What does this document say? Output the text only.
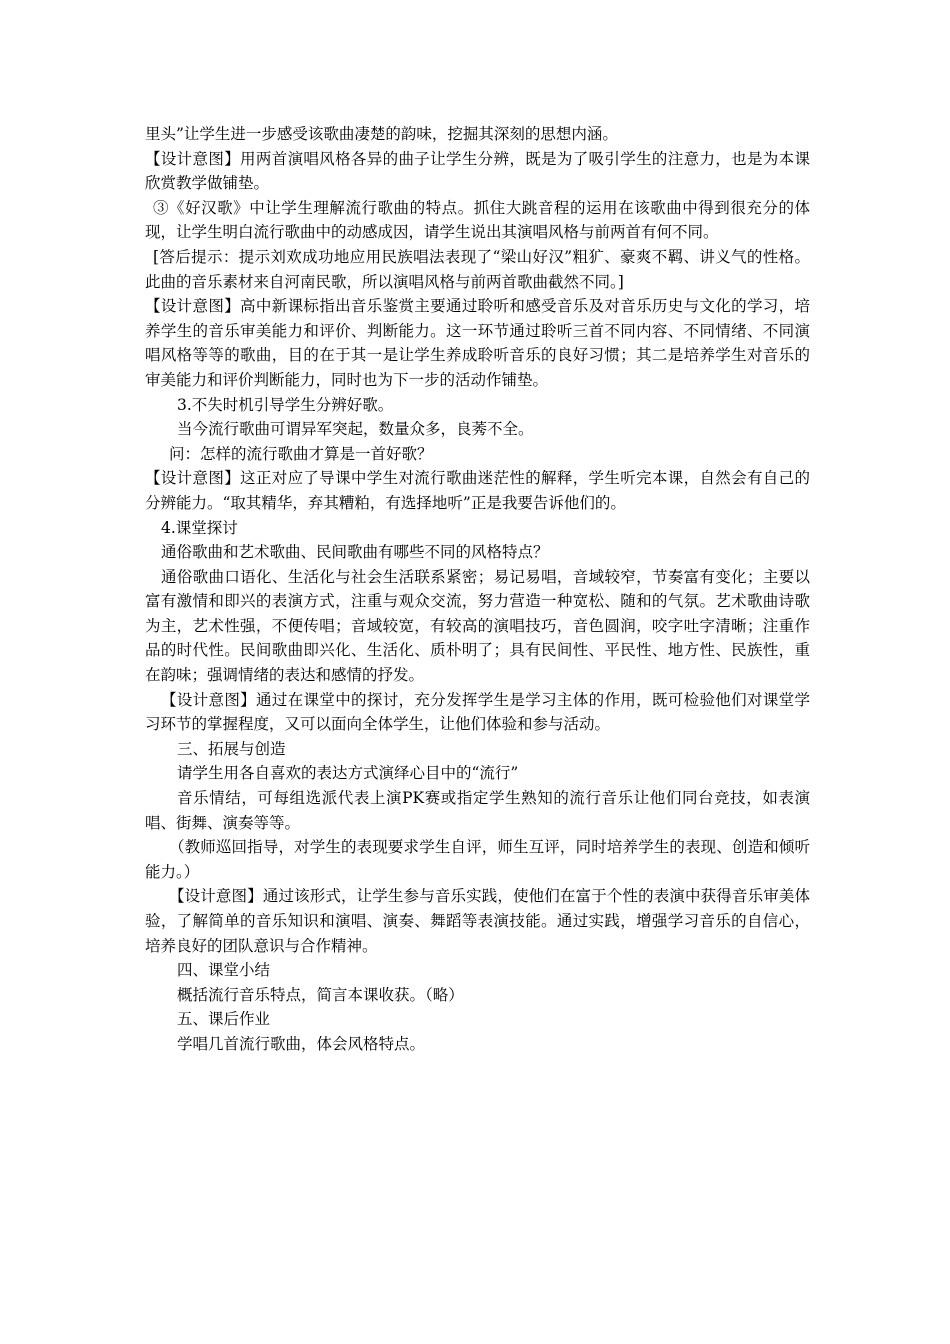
里头”让学生进一步感受该歌曲凄楚的韵味，挖掘其深刻的思想内涵。

【设计意图】用两首演唱风格各异的曲子让学生分辨，既是为了吸引学生的注意力，也是为本课欣赏教学做铺垫。

③《好汉歌》中让学生理解流行歌曲的特点。抓住大跳音程的运用在该歌曲中得到很充分的体现，让学生明白流行歌曲中的动感成因，请学生说出其演唱风格与前两首有何不同。

[答后提示：提示刘欢成功地应用民族唱法表现了“梁山好汉”粗犷、豪爽不羁、讲义气的性格。此曲的音乐素材来自河南民歌，所以演唱风格与前两首歌曲截然不同。]

【设计意图】高中新课标指出音乐鉴赏主要通过聆听和感受音乐及对音乐历史与文化的学习，培养学生的音乐审美能力和评价、判断能力。这一环节通过聆听三首不同内容、不同情绪、不同演唱风格等等的歌曲，目的在于其一是让学生养成聆听音乐的良好习惯；其二是培养学生对音乐的审美能力和评价判断能力，同时也为下一步的活动作铺垫。

3.不失时机引导学生分辨好歌。

当今流行歌曲可谓异军突起，数量众多，良莠不全。

问：怎样的流行歌曲才算是一首好歌？

【设计意图】这正对应了导课中学生对流行歌曲迷茫性的解释，学生听完本课，自然会有自己的分辨能力。“取其精华，弃其糟粕，有选择地听”正是我要告诉他们的。

4.课堂探讨

通俗歌曲和艺术歌曲、民间歌曲有哪些不同的风格特点？

通俗歌曲口语化、生活化与社会生活联系紧密；易记易唱，音域较窄，节奏富有变化；主要以富有激情和即兴的表演方式，注重与观众交流，努力营造一种宽松、随和的气氛。艺术歌曲诗歌为主，艺术性强，不便传唱；音域较宽，有较高的演唱技巧，音色圆润，咬字吐字清晰；注重作品的时代性。民间歌曲即兴化、生活化、质朴明了；具有民间性、平民性、地方性、民族性，重在韵味；强调情绪的表达和感情的抒发。

【设计意图】通过在课堂中的探讨，充分发挥学生是学习主体的作用，既可检验他们对课堂学习环节的掌握程度，又可以面向全体学生，让他们体验和参与活动。

三、拓展与创造

请学生用各自喜欢的表达方式演绎心目中的“流行”

音乐情结，可每组选派代表上演PK赛或指定学生熟知的流行音乐让他们同台竞技，如表演唱、街舞、演奏等等。

（教师巡回指导，对学生的表现要求学生自评，师生互评，同时培养学生的表现、创造和倾听能力。）

【设计意图】通过该形式，让学生参与音乐实践，使他们在富于个性的表演中获得音乐审美体验，了解简单的音乐知识和演唱、演奏、舞蹈等表演技能。通过实践，增强学习音乐的自信心，培养良好的团队意识与合作精神。

四、课堂小结

概括流行音乐特点，简言本课收获。（略）

五、课后作业

学唱几首流行歌曲，体会风格特点。
